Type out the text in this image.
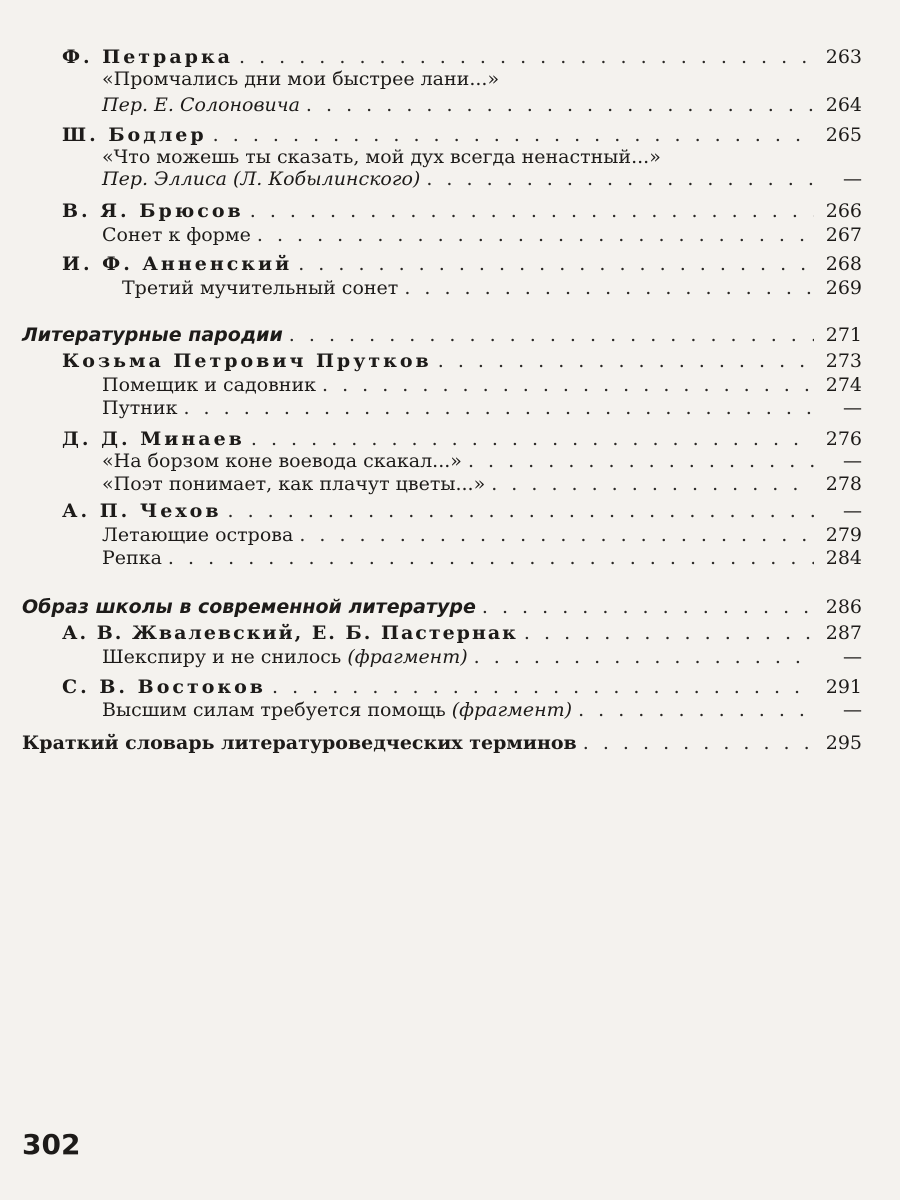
Ф. Петрарка . . .	263
«Промчались дни мои быстрее лани...»
Пер. Е. Солоновича . . .	264
Ш. Бодлер . . .	265
«Что можешь ты сказать, мой дух всегда ненастный...»
Пер. Эллиса (Л. Кобылинского) . . .	—
В. Я. Брюсов . . .	266
Сонет к форме . . .	267
И. Ф. Анненский . . .	268
Третий мучительный сонет . . .	269
Литературные пародии . . .	271
Козьма Петрович Прутков . . .	273
Помещик и садовник . . .	274
Путник . . .	—
Д. Д. Минаев . . .	276
«На борзом коне воевода скакал...» . . .	—
«Поэт понимает, как плачут цветы...» . . .	278
А. П. Чехов . . .	—
Летающие острова . . .	279
Репка . . .	284
Образ школы в современной литературе . . .	286
А. В. Жвалевский, Е. Б. Пастернак . . .	287
Шекспиру и не снилось (фрагмент) . . .	—
С. В. Востоков . . .	291
Высшим силам требуется помощь (фрагмент) . . .	—
Краткий словарь литературоведческих терминов . . .	295
302
